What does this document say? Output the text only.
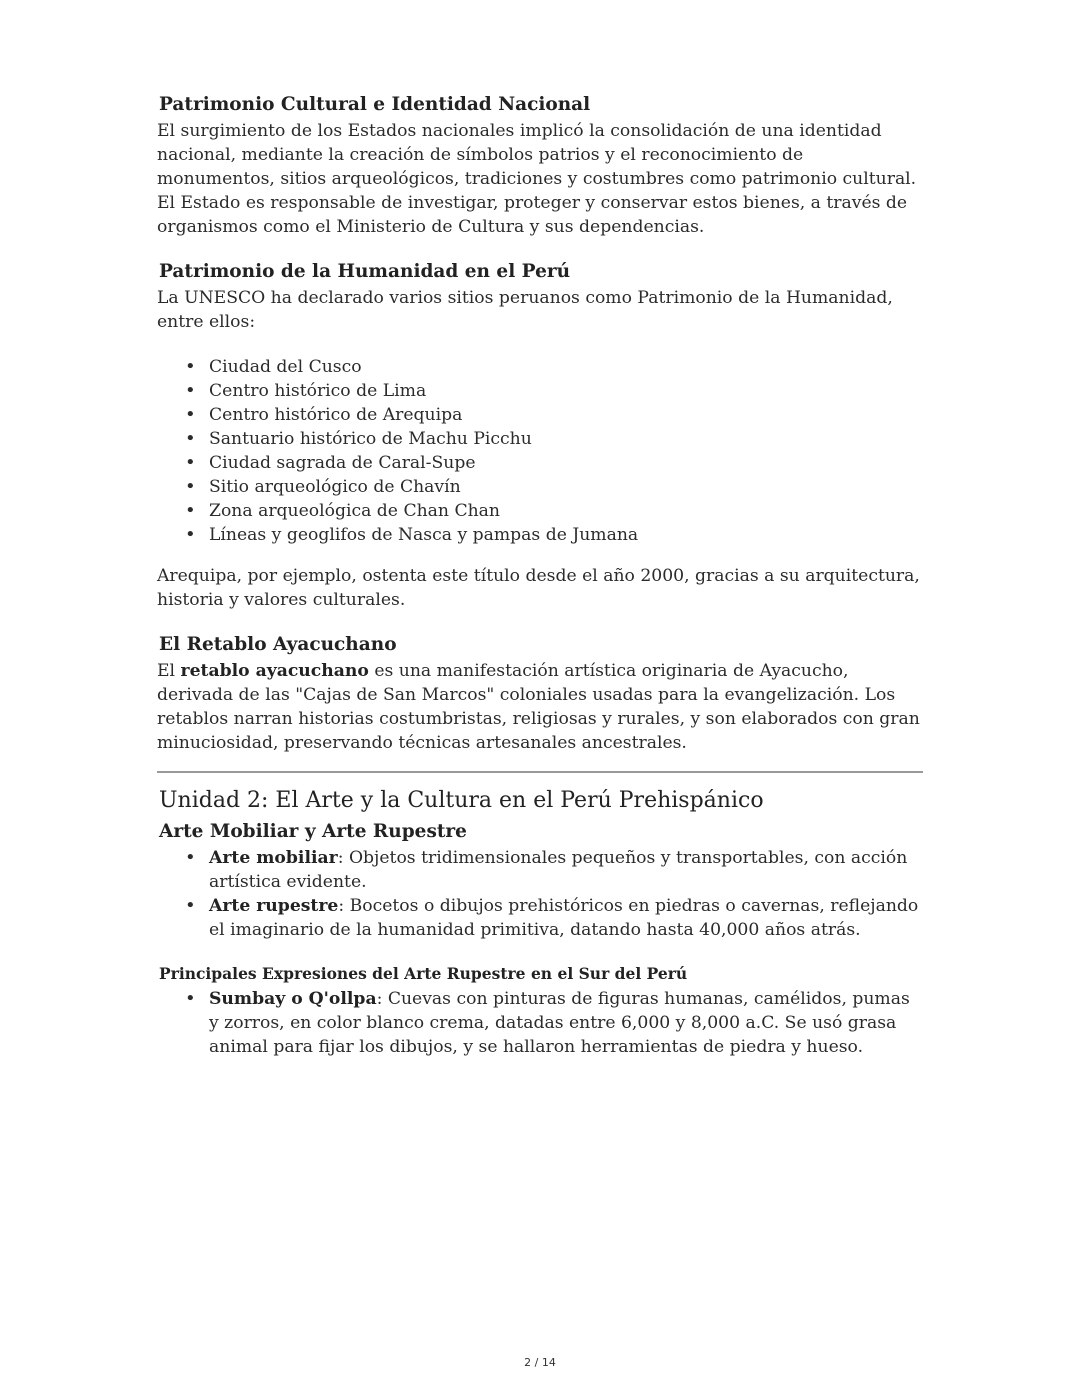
Patrimonio Cultural e Identidad Nacional

El surgimiento de los Estados nacionales implicó la consolidación de una identidad nacional, mediante la creación de símbolos patrios y el reconocimiento de monumentos, sitios arqueológicos, tradiciones y costumbres como patrimonio cultural. El Estado es responsable de investigar, proteger y conservar estos bienes, a través de organismos como el Ministerio de Cultura y sus dependencias.

Patrimonio de la Humanidad en el Perú

La UNESCO ha declarado varios sitios peruanos como Patrimonio de la Humanidad, entre ellos:

• Ciudad del Cusco
• Centro histórico de Lima
• Centro histórico de Arequipa
• Santuario histórico de Machu Picchu
• Ciudad sagrada de Caral-Supe
• Sitio arqueológico de Chavín
• Zona arqueológica de Chan Chan
• Líneas y geoglifos de Nasca y pampas de Jumana

Arequipa, por ejemplo, ostenta este título desde el año 2000, gracias a su arquitectura, historia y valores culturales.

El Retablo Ayacuchano

El retablo ayacuchano es una manifestación artística originaria de Ayacucho, derivada de las "Cajas de San Marcos" coloniales usadas para la evangelización. Los retablos narran historias costumbristas, religiosas y rurales, y son elaborados con gran minuciosidad, preservando técnicas artesanales ancestrales.

Unidad 2: El Arte y la Cultura en el Perú Prehispánico
Arte Mobiliar y Arte Rupestre
• Arte mobiliar: Objetos tridimensionales pequeños y transportables, con acción artística evidente.
• Arte rupestre: Bocetos o dibujos prehistóricos en piedras o cavernas, reflejando el imaginario de la humanidad primitiva, datando hasta 40,000 años atrás.
Principales Expresiones del Arte Rupestre en el Sur del Perú
• Sumbay o Q'ollpa: Cuevas con pinturas de figuras humanas, camélidos, pumas y zorros, en color blanco crema, datadas entre 6,000 y 8,000 a.C. Se usó grasa animal para fijar los dibujos, y se hallaron herramientas de piedra y hueso.
2 / 14
